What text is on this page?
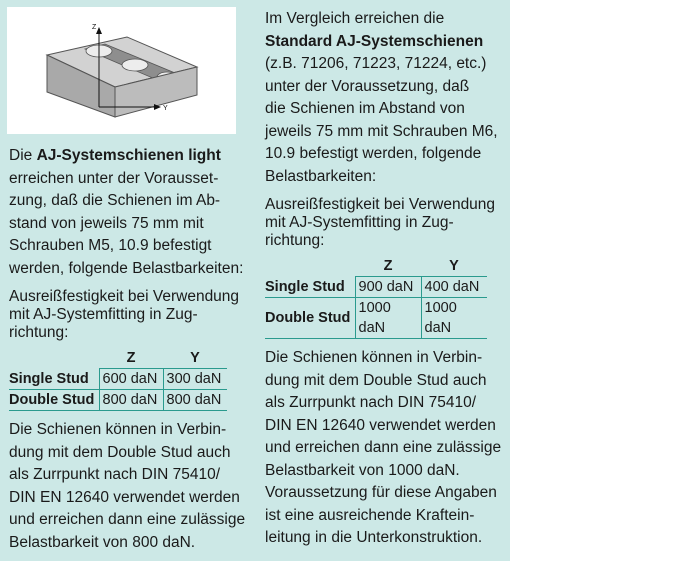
Z
Y

Die AJ-Systemschienen light

erreichen unter der Vorausset-

zung, daß die Schienen im Ab-

stand von jeweils 75 mm mit

Schrauben M5, 10.9 befestigt

werden, folgende Belastbarkeiten:

Ausreißfestigkeit bei Verwendung
mit AJ-Systemfitting in Zug-
richtung:
	Z	Y
Single Stud	600 daN	300 daN
Double Stud	800 daN	800 daN

Die Schienen können in Verbin-

dung mit dem Double Stud auch

als Zurrpunkt nach DIN 75410/

DIN EN 12640 verwendet werden

und erreichen dann eine zulässige

Belastbarkeit von 800 daN.

Im Vergleich erreichen die

Standard AJ-Systemschienen

(z.B. 71206, 71223, 71224, etc.)

unter der Voraussetzung, daß

die Schienen im Abstand von

jeweils 75 mm mit Schrauben M6,

10.9 befestigt werden, folgende

Belastbarkeiten:

Ausreißfestigkeit bei Verwendung
mit AJ-Systemfitting in Zug-
richtung:
	Z	Y
Single Stud	900 daN	400 daN
Double Stud	1000 daN	1000 daN

Die Schienen können in Verbin-

dung mit dem Double Stud auch

als Zurrpunkt nach DIN 75410/

DIN EN 12640 verwendet werden

und erreichen dann eine zulässige

Belastbarkeit von 1000 daN.

Voraussetzung für diese Angaben

ist eine ausreichende Kraftein-

leitung in die Unterkonstruktion.
